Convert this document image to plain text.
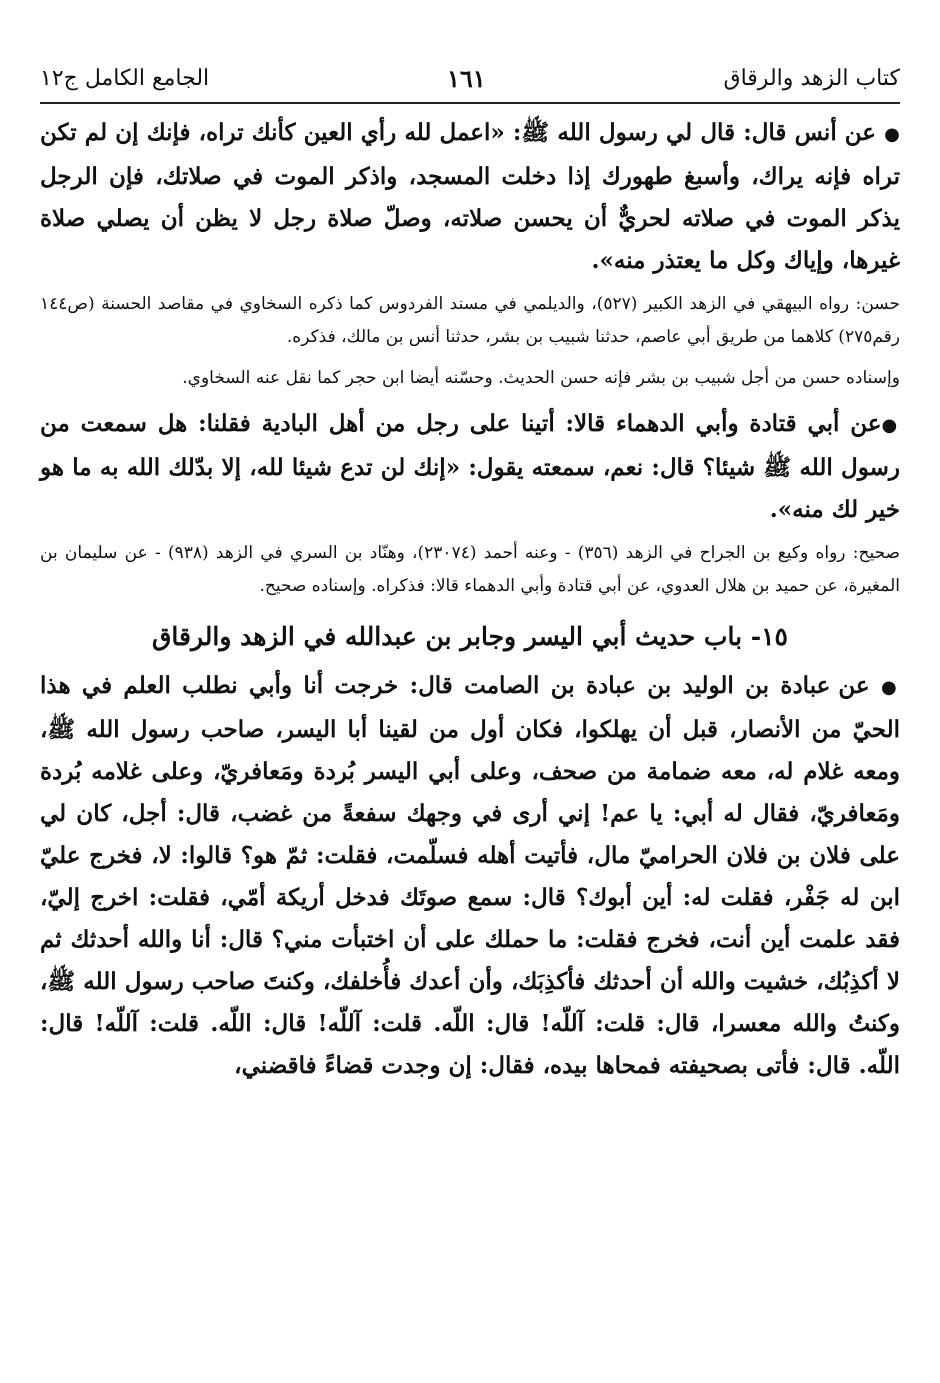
الجامع الكامل ج١٢	١٦١	كتاب الزهد والرقاق

● عن أنس قال: قال لي رسول الله ﷺ: «اعمل لله رأي العين كأنك تراه، فإنك إن لم تكن تراه فإنه يراك، وأسبغ طهورك إذا دخلت المسجد، واذكر الموت في صلاتك، فإن الرجل يذكر الموت في صلاته لحريٌّ أن يحسن صلاته، وصلّ صلاة رجل لا يظن أن يصلي صلاة غيرها، وإياك وكل ما يعتذر منه».

حسن: رواه البيهقي في الزهد الكبير (٥٢٧)، والديلمي في مسند الفردوس كما ذكره السخاوي في مقاصد الحسنة (ص١٤٤ رقم٢٧٥) كلاهما من طريق أبي عاصم، حدثنا شبيب بن بشر، حدثنا أنس بن مالك، فذكره.

وإسناده حسن من أجل شبيب بن بشر فإنه حسن الحديث. وحسّنه أيضا ابن حجر كما نقل عنه السخاوي.

●عن أبي قتادة وأبي الدهماء قالا: أتينا على رجل من أهل البادية فقلنا: هل سمعت من رسول الله ﷺ شيئا؟ قال: نعم، سمعته يقول: «إنك لن تدع شيئا لله، إلا بدّلك الله به ما هو خير لك منه».

صحيح: رواه وكيع بن الجراح في الزهد (٣٥٦) - وعنه أحمد (٢٣٠٧٤)، وهنّاد بن السري في الزهد (٩٣٨) - عن سليمان بن المغيرة، عن حميد بن هلال العدوي، عن أبي قتادة وأبي الدهماء قالا: فذكراه. وإسناده صحيح.

١٥- باب حديث أبي اليسر وجابر بن عبدالله في الزهد والرقاق

● عن عبادة بن الوليد بن عبادة بن الصامت قال: خرجت أنا وأبي نطلب العلم في هذا الحيّ من الأنصار، قبل أن يهلكوا، فكان أول من لقينا أبا اليسر، صاحب رسول الله ﷺ، ومعه غلام له، معه ضمامة من صحف، وعلى أبي اليسر بُردة ومَعافريّ، وعلى غلامه بُردة ومَعافريّ، فقال له أبي: يا عم! إني أرى في وجهك سفعةً من غضب، قال: أجل، كان لي على فلان بن فلان الحراميّ مال، فأتيت أهله فسلّمت، فقلت: ثمّ هو؟ قالوا: لا، فخرج عليّ ابن له جَفْر، فقلت له: أين أبوك؟ قال: سمع صوتَك فدخل أريكة أمّي، فقلت: اخرج إليّ، فقد علمت أين أنت، فخرج فقلت: ما حملك على أن اختبأت مني؟ قال: أنا والله أحدثك ثم لا أكذِبُك، خشيت والله أن أحدثك فأكذِبَك، وأن أعدك فأُخلفك، وكنتَ صاحب رسول الله ﷺ، وكنتُ والله معسرا، قال: قلت: آللّه! قال: اللّه. قلت: آللّه! قال: اللّه. قلت: آللّه! قال: اللّه. قال: فأتى بصحيفته فمحاها بيده، فقال: إن وجدت قضاءً فاقضني،
